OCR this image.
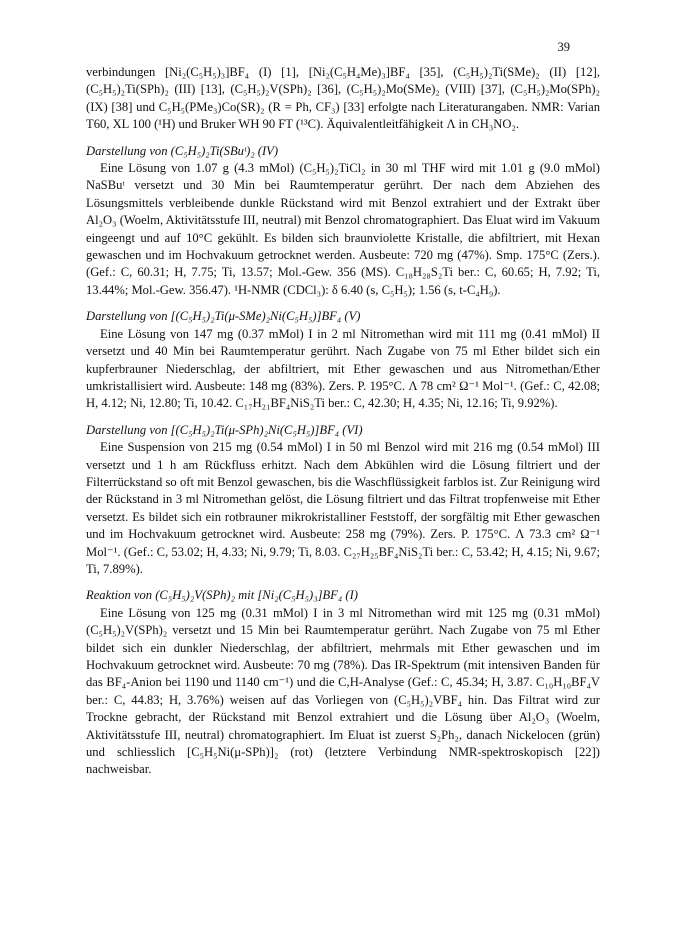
39

verbindungen [Ni₂(C₅H₅)₃]BF₄ (I) [1], [Ni₂(C₅H₄Me)₃]BF₄ [35], (C₅H₅)₂Ti(SMe)₂ (II) [12], (C₅H₅)₂Ti(SPh)₂ (III) [13], (C₅H₅)₂V(SPh)₂ [36], (C₅H₅)₂Mo(SMe)₂ (VIII) [37], (C₅H₅)₂Mo(SPh)₂ (IX) [38] und C₅H₅(PMe₃)Co(SR)₂ (R = Ph, CF₃) [33] erfolgte nach Literaturangaben. NMR: Varian T60, XL 100 (¹H) und Bruker WH 90 FT (¹³C). Äquivalentleitfähigkeit Λ in CH₃NO₂.

Darstellung von (C₅H₅)₂Ti(SBuᵗ)₂ (IV)

Eine Lösung von 1.07 g (4.3 mMol) (C₅H₅)₂TiCl₂ in 30 ml THF wird mit 1.01 g (9.0 mMol) NaSBuᵗ versetzt und 30 Min bei Raumtemperatur gerührt. Der nach dem Abziehen des Lösungsmittels verbleibende dunkle Rückstand wird mit Benzol extrahiert und der Extrakt über Al₂O₃ (Woelm, Aktivitätsstufe III, neutral) mit Benzol chromatographiert. Das Eluat wird im Vakuum eingeengt und auf 10°C gekühlt. Es bilden sich braunviolette Kristalle, die abfiltriert, mit Hexan gewaschen und im Hochvakuum getrocknet werden. Ausbeute: 720 mg (47%). Smp. 175°C (Zers.). (Gef.: C, 60.31; H, 7.75; Ti, 13.57; Mol.-Gew. 356 (MS). C₁₈H₂₈S₂Ti ber.: C, 60.65; H, 7.92; Ti, 13.44%; Mol.-Gew. 356.47). ¹H-NMR (CDCl₃): δ 6.40 (s, C₅H₅); 1.56 (s, t-C₄H₉).

Darstellung von [(C₅H₅)₂Ti(μ-SMe)₂Ni(C₅H₅)]BF₄ (V)

Eine Lösung von 147 mg (0.37 mMol) I in 2 ml Nitromethan wird mit 111 mg (0.41 mMol) II versetzt und 40 Min bei Raumtemperatur gerührt. Nach Zugabe von 75 ml Ether bildet sich ein kupferbrauner Niederschlag, der abfiltriert, mit Ether gewaschen und aus Nitromethan/Ether umkristallisiert wird. Ausbeute: 148 mg (83%). Zers. P. 195°C. Λ 78 cm² Ω⁻¹ Mol⁻¹. (Gef.: C, 42.08; H, 4.12; Ni, 12.80; Ti, 10.42. C₁₇H₂₁BF₄NiS₂Ti ber.: C, 42.30; H, 4.35; Ni, 12.16; Ti, 9.92%).

Darstellung von [(C₅H₅)₂Ti(μ-SPh)₂Ni(C₅H₅)]BF₄ (VI)

Eine Suspension von 215 mg (0.54 mMol) I in 50 ml Benzol wird mit 216 mg (0.54 mMol) III versetzt und 1 h am Rückfluss erhitzt. Nach dem Abkühlen wird die Lösung filtriert und der Filterrückstand so oft mit Benzol gewaschen, bis die Waschflüssigkeit farblos ist. Zur Reinigung wird der Rückstand in 3 ml Nitromethan gelöst, die Lösung filtriert und das Filtrat tropfenweise mit Ether versetzt. Es bildet sich ein rotbrauner mikrokristalliner Feststoff, der sorgfältig mit Ether gewaschen und im Hochvakuum getrocknet wird. Ausbeute: 258 mg (79%). Zers. P. 175°C. Λ 73.3 cm² Ω⁻¹ Mol⁻¹. (Gef.: C, 53.02; H, 4.33; Ni, 9.79; Ti, 8.03. C₂₇H₂₅BF₄NiS₂Ti ber.: C, 53.42; H, 4.15; Ni, 9.67; Ti, 7.89%).

Reaktion von (C₅H₅)₂V(SPh)₂ mit [Ni₂(C₅H₅)₃]BF₄ (I)

Eine Lösung von 125 mg (0.31 mMol) I in 3 ml Nitromethan wird mit 125 mg (0.31 mMol) (C₅H₅)₂V(SPh)₂ versetzt und 15 Min bei Raumtemperatur gerührt. Nach Zugabe von 75 ml Ether bildet sich ein dunkler Niederschlag, der abfiltriert, mehrmals mit Ether gewaschen und im Hochvakuum getrocknet wird. Ausbeute: 70 mg (78%). Das IR-Spektrum (mit intensiven Banden für das BF₄-Anion bei 1190 und 1140 cm⁻¹) und die C,H-Analyse (Gef.: C, 45.34; H, 3.87. C₁₀H₁₀BF₄V ber.: C, 44.83; H, 3.76%) weisen auf das Vorliegen von (C₅H₅)₂VBF₄ hin. Das Filtrat wird zur Trockne gebracht, der Rückstand mit Benzol extrahiert und die Lösung über Al₂O₃ (Woelm, Aktivitätsstufe III, neutral) chromatographiert. Im Eluat ist zuerst S₂Ph₂, danach Nickelocen (grün) und schliesslich [C₅H₅Ni(μ-SPh)]₂ (rot) (letztere Verbindung NMR-spektroskopisch [22]) nachweisbar.
